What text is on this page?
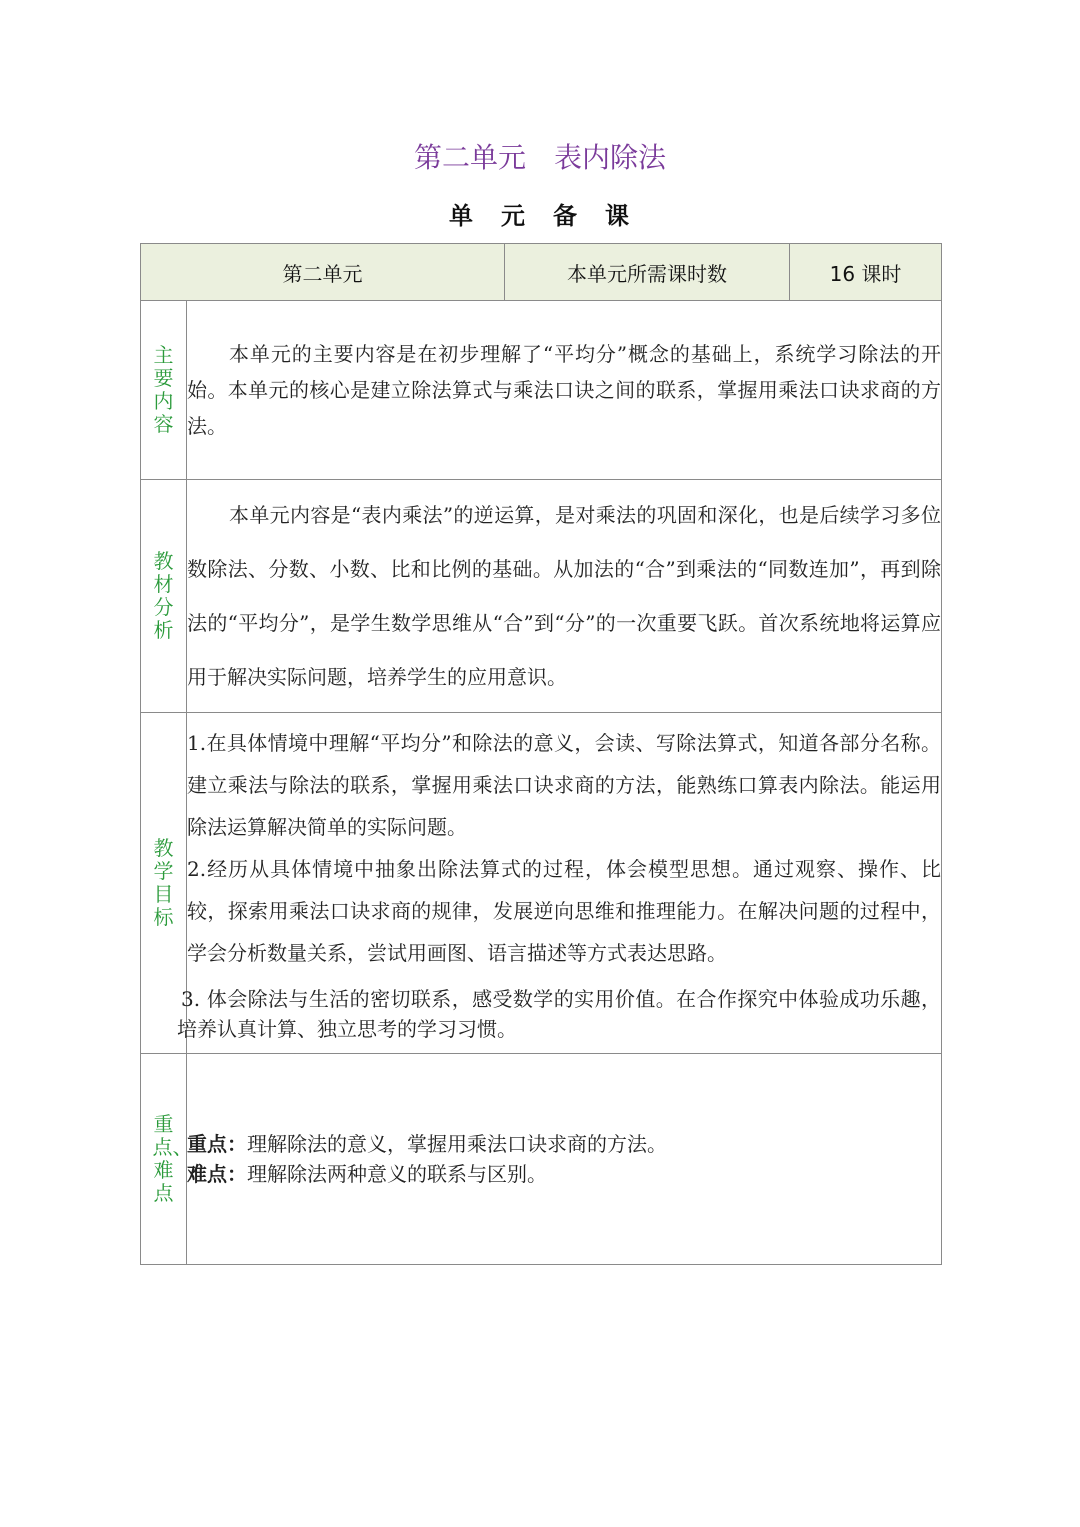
第二单元　表内除法
单　元　备　课
第二单元		本单元所需课时数	16 课时
主要内容	本单元的主要内容是在初步理解了“平均分”概念的基础上，系统学习除法的开始。本单元的核心是建立除法算式与乘法口诀之间的联系，掌握用乘法口诀求商的方法。		

教材分析	本单元内容是“表内乘法”的逆运算，是对乘法的巩固和深化，也是后续学习多位数除法、分数、小数、比和比例的基础。从加法的“合”到乘法的“同数连加”，再到除法的“平均分”，是学生数学思维从“合”到“分”的一次重要飞跃。首次系统地将运算应用于解决实际问题，培养学生的应用意识。		

教学目标	1.在具体情境中理解“平均分”和除法的意义，会读、写除法算式，知道各部分名称。建立乘法与除法的联系，掌握用乘法口诀求商的方法，能熟练口算表内除法。能运用除法运算解决简单的实际问题。

2.经历从具体情境中抽象出除法算式的过程，体会模型思想。通过观察、操作、比较，探索用乘法口诀求商的规律，发展逆向思维和推理能力。在解决问题的过程中，学会分析数量关系，尝试用画图、语言描述等方式表达思路。

3. 体会除法与生活的密切联系，感受数学的实用价值。在合作探究中体验成功乐趣，培养认真计算、独立思考的学习习惯。		

重点、难点	重点：理解除法的意义，掌握用乘法口诀求商的方法。

难点：理解除法两种意义的联系与区别。		
